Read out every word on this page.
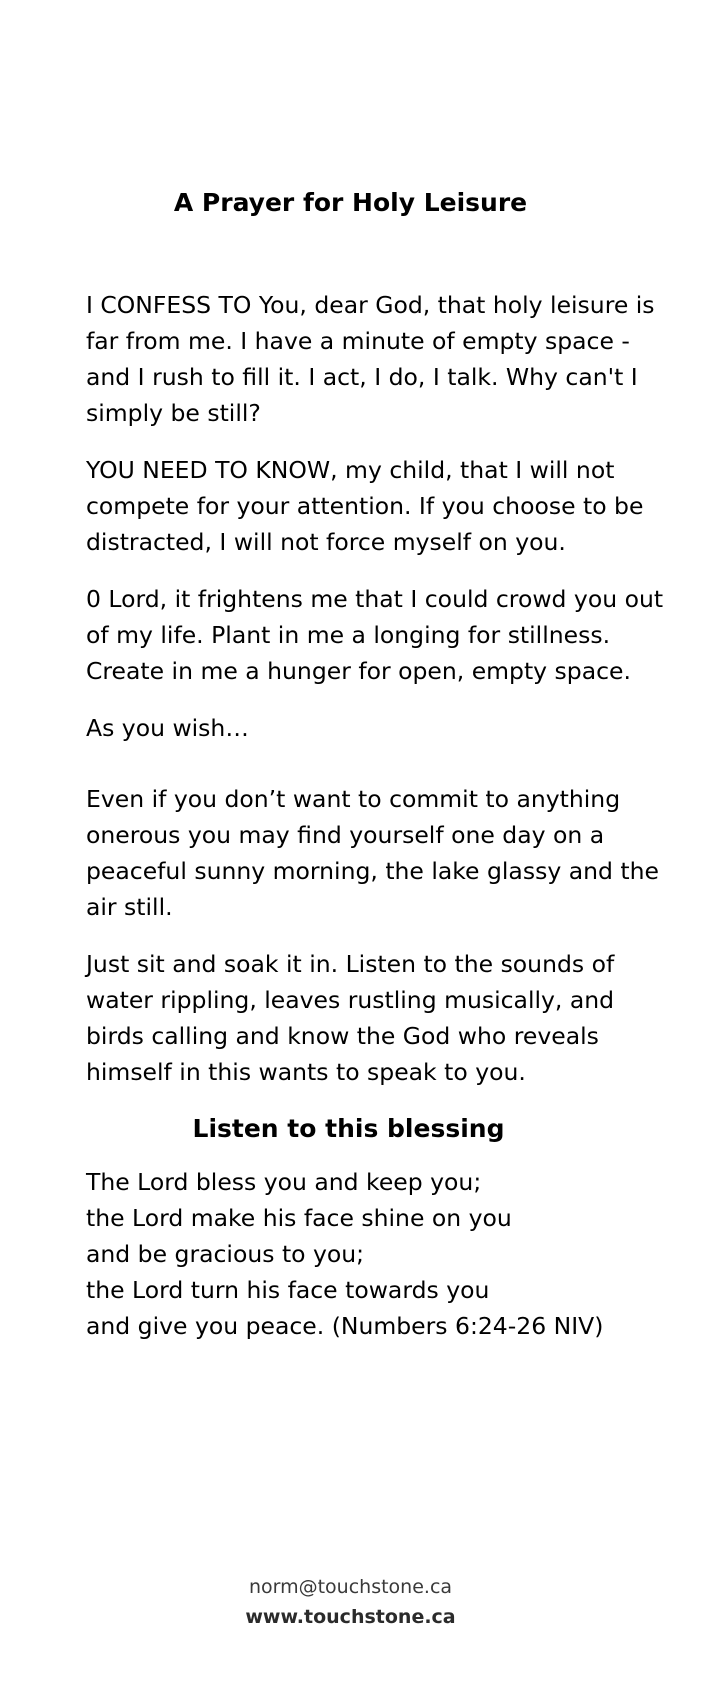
A Prayer for Holy Leisure

I CONFESS TO You, dear God, that holy leisure is far from me. I have a minute of empty space -and I rush to fill it. I act, I do, I talk. Why can't I simply be still?

YOU NEED TO KNOW, my child, that I will not compete for your attention. If you choose to be distracted, I will not force myself on you.

0 Lord, it frightens me that I could crowd you out of my life. Plant in me a longing for stillness. Create in me a hunger for open, empty space.

As you wish…

Even if you don’t want to commit to anything onerous you may find yourself one day on a peaceful sunny morning, the lake glassy and the air still.

Just sit and soak it in. Listen to the sounds of water rippling, leaves rustling musically, and birds calling and know the God who reveals himself in this wants to speak to you.

Listen to this blessing
The Lord bless you and keep you;
the Lord make his face shine on you
and be gracious to you;
the Lord turn his face towards you
and give you peace. (Numbers 6:24-26 NIV)
norm@touchstone.ca
www.touchstone.ca
